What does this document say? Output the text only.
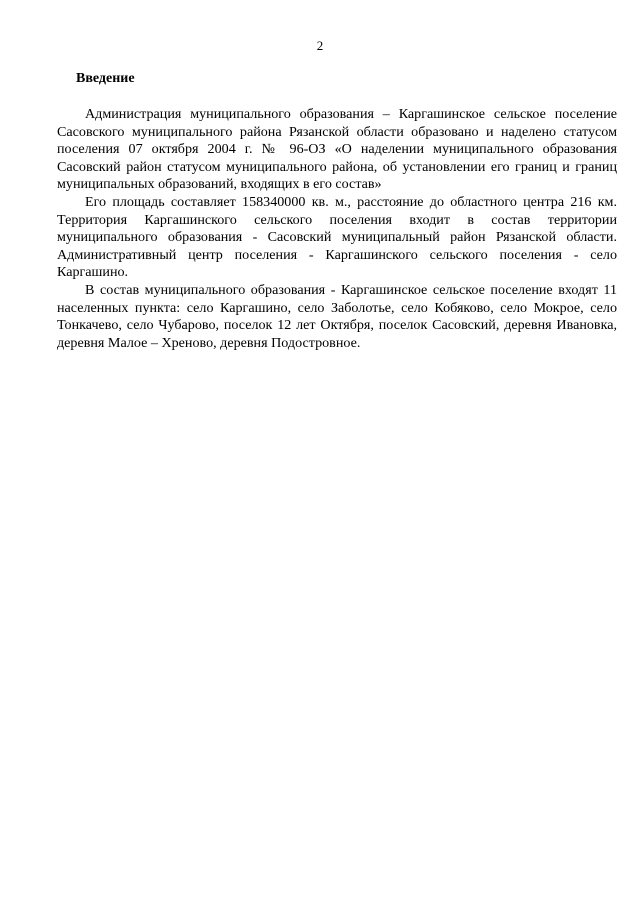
2
Введение

Администрация муниципального образования – Каргашинское сельское поселение Сасовского муниципального района Рязанской области образовано и наделено статусом поселения 07 октября 2004 г. № 96-ОЗ «О наделении муниципального образования Сасовский район статусом муниципального района, об установлении его границ и границ муниципальных образований, входящих в его состав»

Его площадь составляет 158340000 кв. м., расстояние до областного центра 216 км. Территория Каргашинского сельского поселения входит в состав территории муниципального образования - Сасовский муниципальный район Рязанской области. Административный центр поселения - Каргашинского сельского поселения - село Каргашино.

В состав муниципального образования - Каргашинское сельское поселение входят 11 населенных пункта: село Каргашино, село Заболотье, село Кобяково, село Мокрое, село Тонкачево, село Чубарово, поселок 12 лет Октября, поселок Сасовский, деревня Ивановка, деревня Малое – Хреново, деревня Подостровное.
